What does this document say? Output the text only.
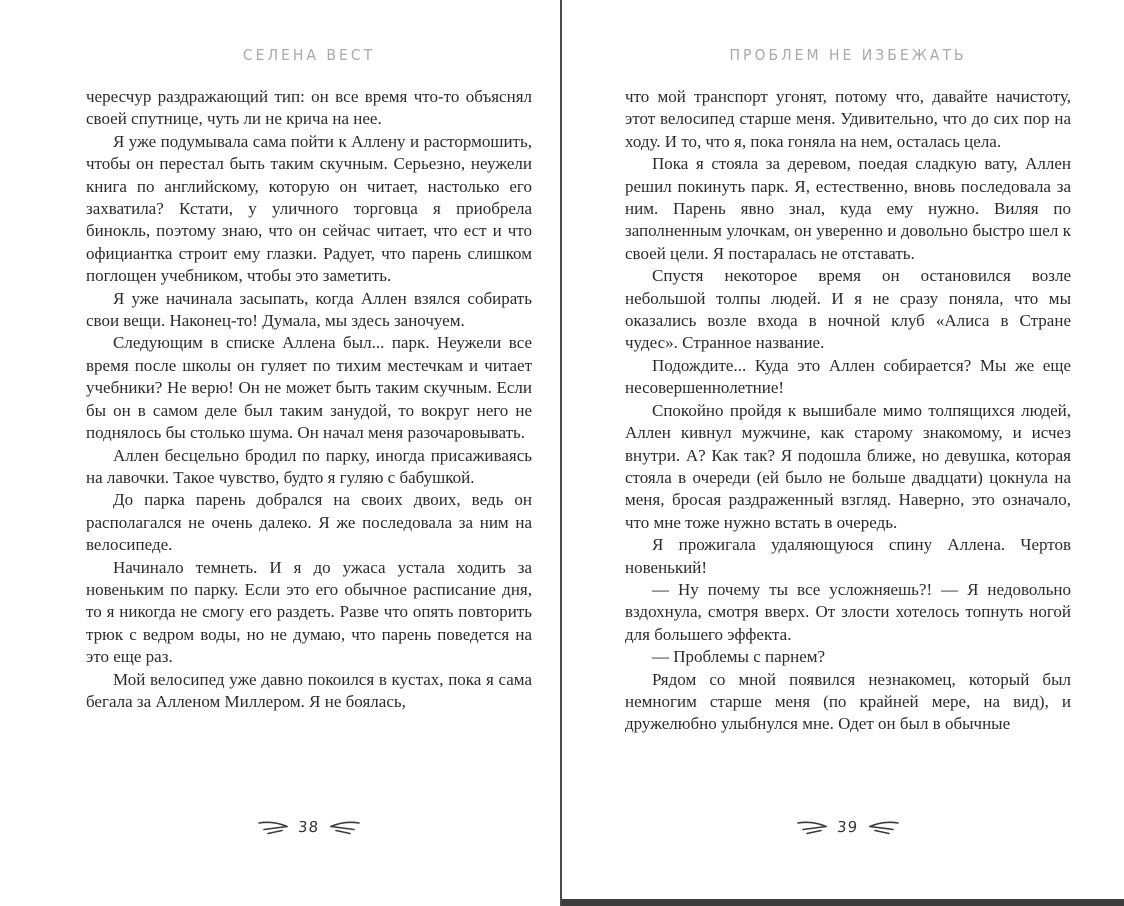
СЕЛЕНА ВЕСТ

чересчур раздражающий тип: он все время что-то объяснял своей спутнице, чуть ли не крича на нее.

Я уже подумывала сама пойти к Аллену и растормошить, чтобы он перестал быть таким скучным. Серьезно, неужели книга по английскому, которую он читает, настолько его захватила? Кстати, у уличного торговца я приобрела бинокль, поэтому знаю, что он сейчас читает, что ест и что официантка строит ему глазки. Радует, что парень слишком поглощен учебником, чтобы это заметить.

Я уже начинала засыпать, когда Аллен взялся собирать свои вещи. Наконец-то! Думала, мы здесь заночуем.

Следующим в списке Аллена был... парк. Неужели все время после школы он гуляет по тихим местечкам и читает учебники? Не верю! Он не может быть таким скучным. Если бы он в самом деле был таким занудой, то вокруг него не поднялось бы столько шума. Он начал меня разочаровывать.

Аллен бесцельно бродил по парку, иногда присаживаясь на лавочки. Такое чувство, будто я гуляю с бабушкой.

До парка парень добрался на своих двоих, ведь он располагался не очень далеко. Я же последовала за ним на велосипеде.

Начинало темнеть. И я до ужаса устала ходить за новеньким по парку. Если это его обычное расписание дня, то я никогда не смогу его раздеть. Разве что опять повторить трюк с ведром воды, но не думаю, что парень поведется на это еще раз.

Мой велосипед уже давно покоился в кустах, пока я сама бегала за Алленом Миллером. Я не боялась,

38
ПРОБЛЕМ НЕ ИЗБЕЖАТЬ

что мой транспорт угонят, потому что, давайте начистоту, этот велосипед старше меня. Удивительно, что до сих пор на ходу. И то, что я, пока гоняла на нем, осталась цела.

Пока я стояла за деревом, поедая сладкую вату, Аллен решил покинуть парк. Я, естественно, вновь последовала за ним. Парень явно знал, куда ему нужно. Виляя по заполненным улочкам, он уверенно и довольно быстро шел к своей цели. Я постаралась не отставать.

Спустя некоторое время он остановился возле небольшой толпы людей. И я не сразу поняла, что мы оказались возле входа в ночной клуб «Алиса в Стране чудес». Странное название.

Подождите... Куда это Аллен собирается? Мы же еще несовершеннолетние!

Спокойно пройдя к вышибале мимо толпящихся людей, Аллен кивнул мужчине, как старому знакомому, и исчез внутри. А? Как так? Я подошла ближе, но девушка, которая стояла в очереди (ей было не больше двадцати) цокнула на меня, бросая раздраженный взгляд. Наверно, это означало, что мне тоже нужно встать в очередь.

Я прожигала удаляющуюся спину Аллена. Чертов новенький!

— Ну почему ты все усложняешь?! — Я недовольно вздохнула, смотря вверх. От злости хотелось топнуть ногой для большего эффекта.

— Проблемы с парнем?

Рядом со мной появился незнакомец, который был немногим старше меня (по крайней мере, на вид), и дружелюбно улыбнулся мне. Одет он был в обычные

39
